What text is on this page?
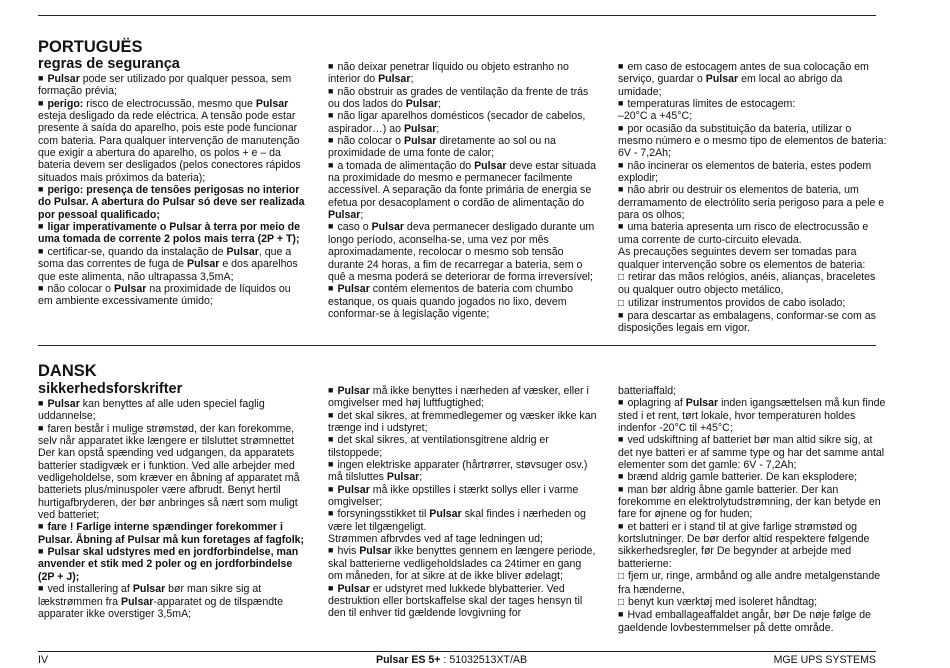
PORTUGUËS
regras de segurança

■ Pulsar pode ser utilizado por qualquer pessoa, sem formação prévia;

■ perigo: risco de electrocussão, mesmo que Pulsar esteja desligado da rede eléctrica. A tensão pode estar presente à saída do aparelho, pois este pode funcionar com bateria. Para qualquer intervenção de manutenção que exigir a abertura do aparelho, os polos + e – da bateria devem ser desligados (pelos conectores rápidos situados mais próximos da bateria);

■ perigo: presença de tensões perigosas no interior do Pulsar. A abertura do Pulsar só deve ser realizada por pessoal qualificado;

■ ligar imperativamente o Pulsar à terra por meio de uma tomada de corrente 2 polos mais terra (2P + T);

■ certificar-se, quando da instalação de Pulsar, que a soma das correntes de fuga de Pulsar e dos aparelhos que este alimenta, não ultrapassa 3,5mA;

■ não colocar o Pulsar na proximidade de líquidos ou em ambiente excessivamente úmido;

■ não deixar penetrar líquido ou objeto estranho no interior do Pulsar;

■ não obstruir as grades de ventilação da frente de trás ou dos lados do Pulsar;

■ não ligar aparelhos domésticos (secador de cabelos, aspirador…) ao Pulsar;

■ não colocar o Pulsar diretamente ao sol ou na proximidade de uma fonte de calor;

■ a tomada de alimentação do Pulsar deve estar situada na proximidade do mesmo e permanecer facilmente accessível. A separação da fonte primária de energia se efetua por desacoplament o cordão de alimentação do Pulsar;

■ caso o Pulsar deva permanecer desligado durante um longo período, aconselha-se, uma vez por mês aproximadamente, recolocar o mesmo sob tensão durante 24 horas, a fim de recarregar a bateria, sem o quê a mesma poderá se deteriorar de forma irreversível;

■ Pulsar contém elementos de bateria com chumbo estanque, os quais quando jogados no lixo, devem conformar-se à legislação vigente;

■ em caso de estocagem antes de sua colocação em serviço, guardar o Pulsar em local ao abrigo da umidade;

■ temperaturas limites de estocagem:

–20°C a +45°C;

■ por ocasião da substituição da bateria, utilizar o mesmo número e o mesmo tipo de elementos de bateria: 6V - 7,2Ah;

■ não incinerar os elementos de bateria, estes podem explodir;

■ não abrir ou destruir os elementos de bateria, um derramamento de electrólito seria perigoso para a pele e para os olhos;

■ uma bateria apresenta um risco de electrocussão e uma corrente de curto-circuito elevada.

As precauções seguintes devem ser tomadas para qualquer intervenção sobre os elementos de bateria:

□ retirar das mãos relógios, anéis, alianças, braceletes ou qualquer outro objecto metálico,

□ utilizar instrumentos providos de cabo isolado;

■ para descartar as embalagens, conformar-se com as disposições legais em vigor.

DANSK
sikkerhedsforskrifter

■ Pulsar kan benyttes af alle uden speciel faglig uddannelse;

■ faren består i mulige strømstød, der kan forekomme, selv når apparatet ikke længere er tilsluttet strømnettet Der kan opstå spænding ved udgangen, da apparatets batterier stadigvæk er i funktion. Ved alle arbejder med vedligeholdelse, som kræver en åbning af apparatet må batteriets plus/minuspoler være afbrudt. Benyt hertil hurtigafbryderen, der bør anbringes så nært som muligt ved batteriet;

■ fare ! Farlige interne spændinger forekommer i Pulsar. Åbning af Pulsar må kun foretages af fagfolk;

■ Pulsar skal udstyres med en jordforbindelse, man anvender et stik med 2 poler og en jordforbindelse (2P + J);

■ ved installering af Pulsar bør man sikre sig at lækstrømmen fra Pulsar-apparatet og de tilspændte apparater ikke overstiger 3,5mA;

■ Pulsar må ikke benyttes i nærheden af væsker, eller i omgivelser med høj luftfugtighed;

■ det skal sikres, at fremmedlegemer og væsker ikke kan trænge ind i udstyret;

■ det skal sikres, at ventilationsgitrene aldrig er tilstoppede;

■ ingen elektriske apparater (hårtrørrer, støvsuger osv.) må tilsluttes Pulsar;

■ Pulsar må ikke opstilles i stærkt sollys eller i varme omgivelser;

■ forsyningsstikket til Pulsar skal findes i nærheden og være let tilgængeligt.

Strømmen afbrvdes ved af tage ledningen ud;

■ hvis Pulsar ikke benyttes gennem en længere periode, skal batterierne vedligeholdslades ca 24timer en gang om måneden, for at sikre at de ikke bliver ødelagt;

■ Pulsar er udstyret med lukkede blybatterier. Ved destruktion eller bortskaffelse skal der tages hensyn til den til enhver tid gældende lovgivning for

batteriaffald;

■ oplagring af Pulsar inden igangsættelsen må kun finde sted i et rent, tørt lokale, hvor temperaturen holdes indenfor -20°C til +45°C;

■ ved udskiftning af batteriet bør man altid sikre sig, at det nye batteri er af samme type og har det samme antal elementer som det gamle: 6V - 7,2Ah;

■ brænd aldrig gamle batterier. De kan eksplodere;

■ man bør aldrig åbne gamle batterier. Der kan forekomme en elektrolytudstrømning, der kan betyde en fare for øjnene og for huden;

■ et batteri er i stand til at give farlige strømstød og kortslutninger. De bør derfor altid respektere følgende sikkerhedsregler, før De begynder at arbejde med batterierne:

□ fjern ur, ringe, armbånd og alle andre metalgenstande fra hænderne,

□ benyt kun værktøj med isoleret håndtag;

■ Hvad emballageaffaldet angår, bør De nøje følge de gaeldende lovbestemmelser på dette område.

IV	Pulsar ES 5+ : 51032513XT/AB	MGE UPS SYSTEMS
